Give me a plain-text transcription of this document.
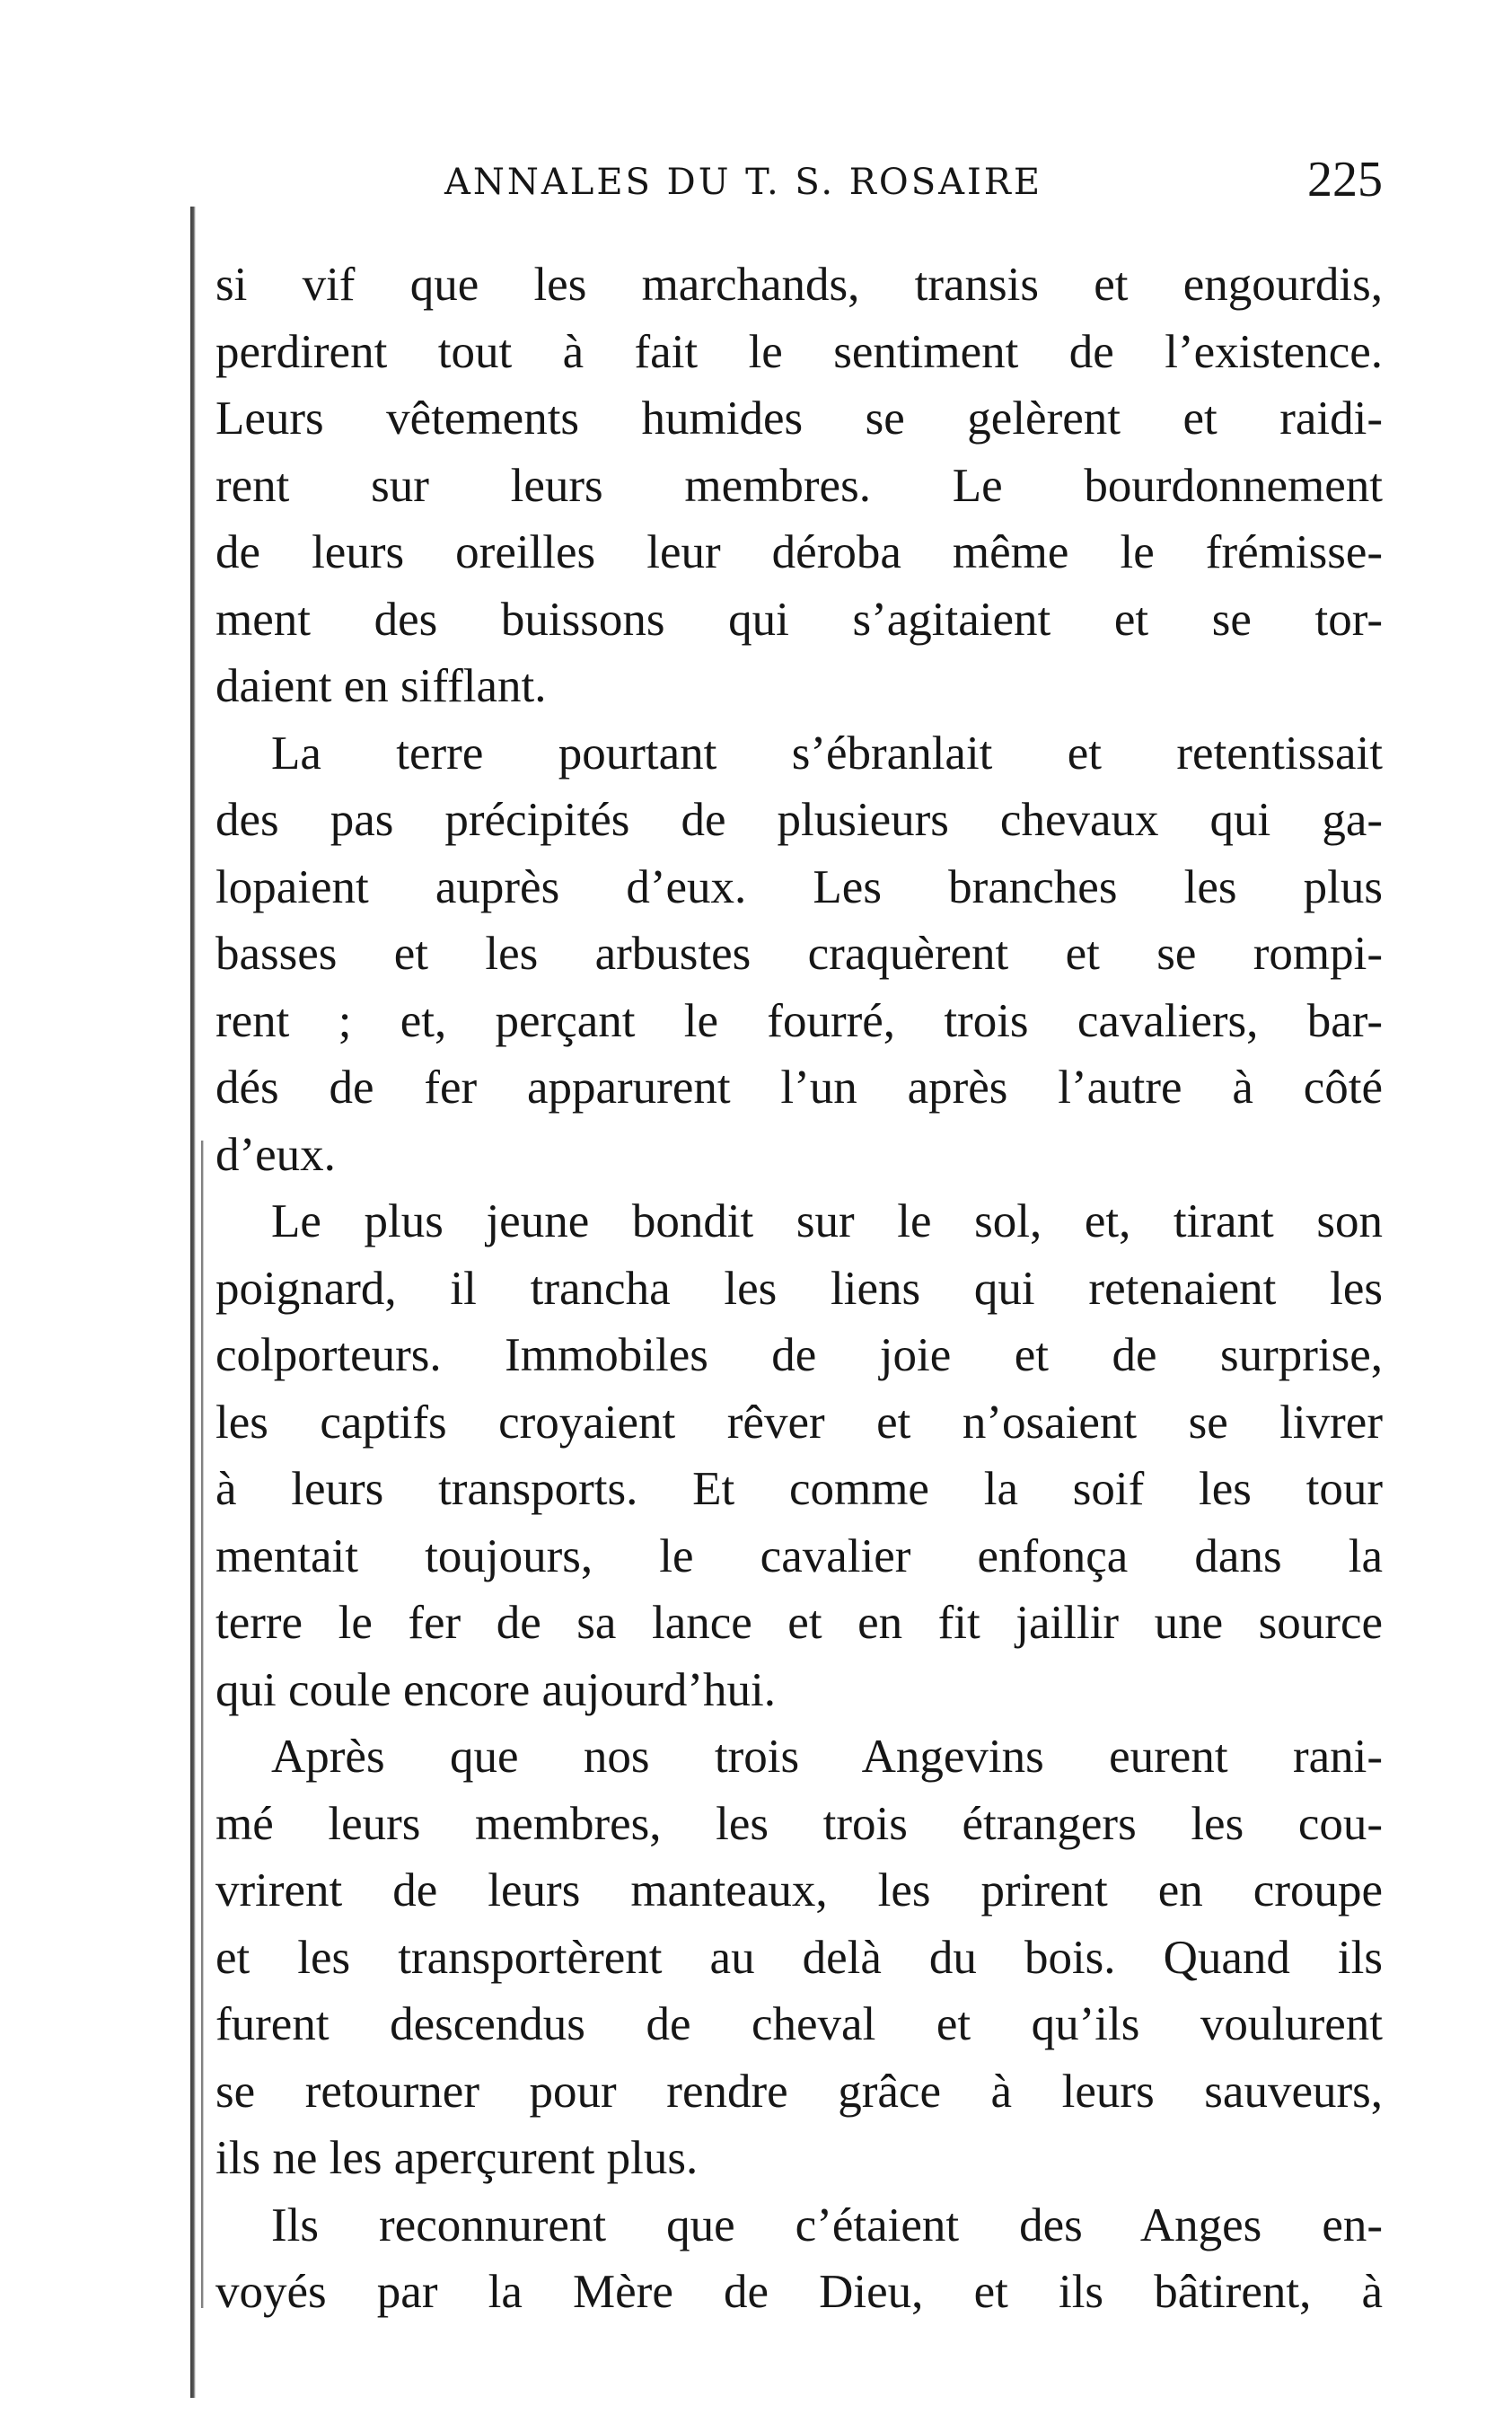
ANNALES DU T. S. ROSAIRE	225
si vif que les marchands, transis et engourdis,
perdirent tout à fait le sentiment de l’existence.
Leurs vêtements humides se gelèrent et raidi-
rent sur leurs membres. Le bourdonnement
de leurs oreilles leur déroba même le frémisse-
ment des buissons qui s’agitaient et se tor-
daient en sifflant.
La terre pourtant s’ébranlait et retentissait
des pas précipités de plusieurs chevaux qui ga-
lopaient auprès d’eux. Les branches les plus
basses et les arbustes craquèrent et se rompi-
rent ; et, perçant le fourré, trois cavaliers, bar-
dés de fer apparurent l’un après l’autre à côté
d’eux.
Le plus jeune bondit sur le sol, et, tirant son
poignard, il trancha les liens qui retenaient les
colporteurs. Immobiles de joie et de surprise,
les captifs croyaient rêver et n’osaient se livrer
à leurs transports. Et comme la soif les tour
mentait toujours, le cavalier enfonça dans la
terre le fer de sa lance et en fit jaillir une source
qui coule encore aujourd’hui.
Après que nos trois Angevins eurent rani-
mé leurs membres, les trois étrangers les cou-
vrirent de leurs manteaux, les prirent en croupe
et les transportèrent au delà du bois. Quand ils
furent descendus de cheval et qu’ils voulurent
se retourner pour rendre grâce à leurs sauveurs,
ils ne les aperçurent plus.
Ils reconnurent que c’étaient des Anges en-
voyés par la Mère de Dieu, et ils bâtirent, à
